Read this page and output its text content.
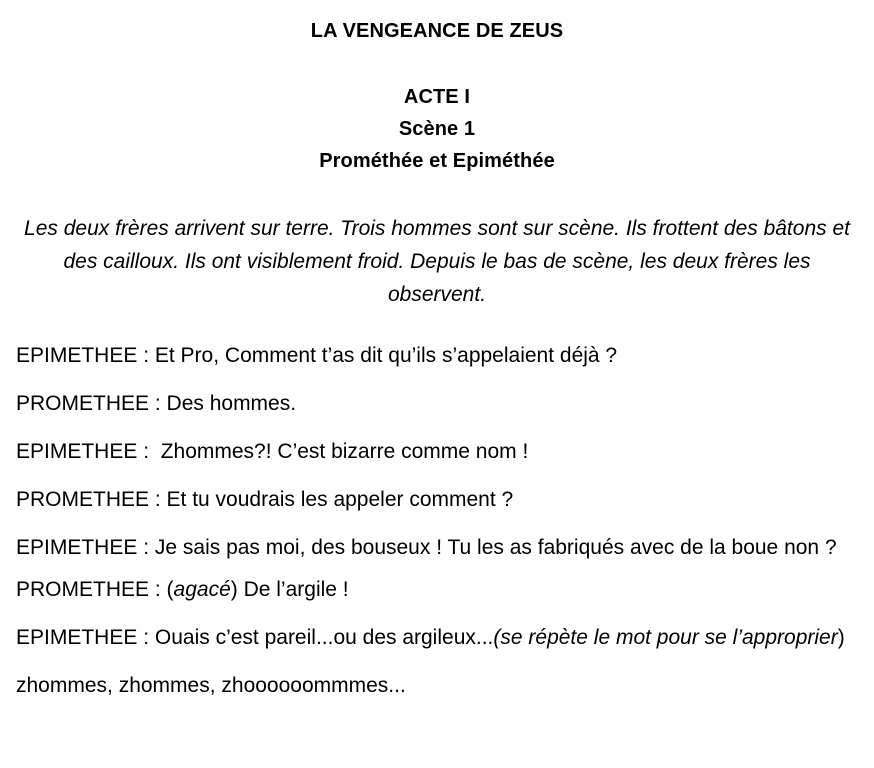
LA VENGEANCE DE ZEUS
ACTE I
Scène 1
Prométhée et Epiméthée
Les deux frères arrivent sur terre. Trois hommes sont sur scène. Ils frottent des bâtons et des cailloux. Ils ont visiblement froid. Depuis le bas de scène, les deux frères les observent.
EPIMETHEE : Et Pro, Comment t’as dit qu’ils s’appelaient déjà ?
PROMETHEE : Des hommes.
EPIMETHEE :  Zhommes?! C’est bizarre comme nom !
PROMETHEE : Et tu voudrais les appeler comment ?
EPIMETHEE : Je sais pas moi, des bouseux ! Tu les as fabriqués avec de la boue non ?
PROMETHEE : (agacé) De l’argile !
EPIMETHEE : Ouais c’est pareil...ou des argileux...(se répète le mot pour se l’approprier) zhommes, zhommes, zhoooooommmes...
